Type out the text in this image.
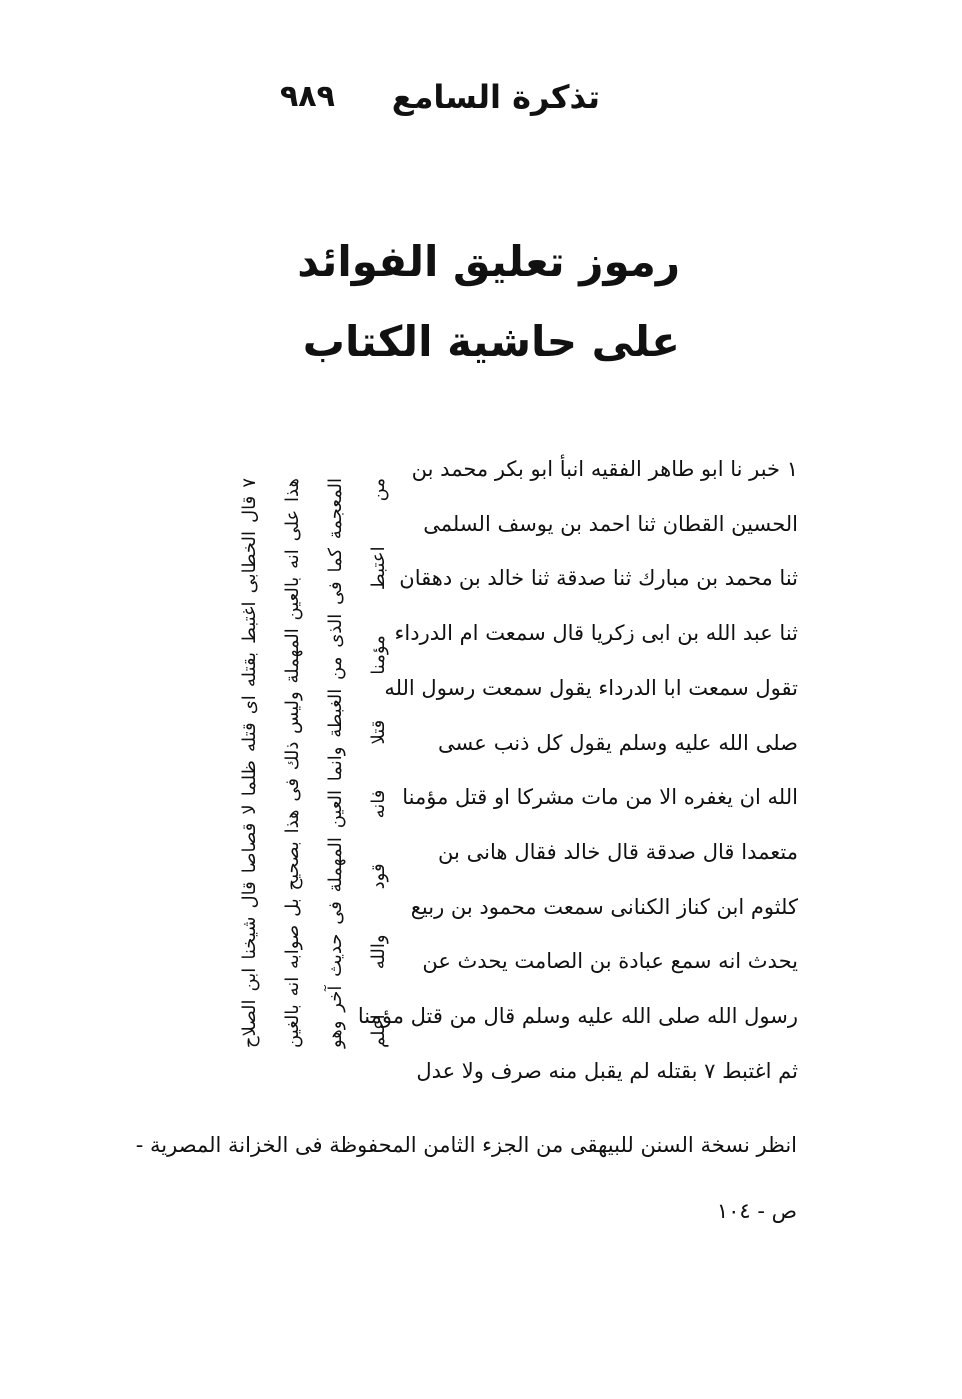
تذكرة السامع
٩٨٩
رموز تعليق الفوائد
على حاشية الكتاب
١ خبر نا ابو طاهر الفقيه انبأ ابو بكر محمد بن
الحسين القطان ثنا احمد بن يوسف السلمى
ثنا محمد بن مبارك ثنا صدقة ثنا خالد بن دهقان
ثنا عبد الله بن ابى زكريا قال سمعت ام الدرداء
تقول سمعت ابا الدرداء يقول سمعت رسول الله
صلى الله عليه وسلم يقول كل ذنب عسى
الله ان يغفره الا من مات مشركا او قتل مؤمنا
متعمدا قال صدقة قال خالد فقال هانى بن
كلثوم ابن كناز الكنانى سمعت محمود بن ربيع
يحدث انه سمع عبادة بن الصامت يحدث عن
رسول الله صلى الله عليه وسلم قال من قتل مؤمنا
ثم اغتبط ٧ بقتله لم يقبل منه صرف ولا عدل
٧ قال الخطابى اغتبط بقتله اى قتله ظلما لا قصاصا قال شيخنا ابن الصلاح	هذا على انه بالعين المهملة وليس ذلك فى هذا بصحيح بل صوابه انه بالغين	المعجمة كما فى الذى من الغبطة وانما العين المهملة فى حديث آخر وهو	من اعتبط مؤمنا قتلا فانه قود والله اعلم
انظر نسخة السنن للبيهقى من الجزء الثامن المحفوظة فى الخزانة المصرية -
ص - ١٠٤
